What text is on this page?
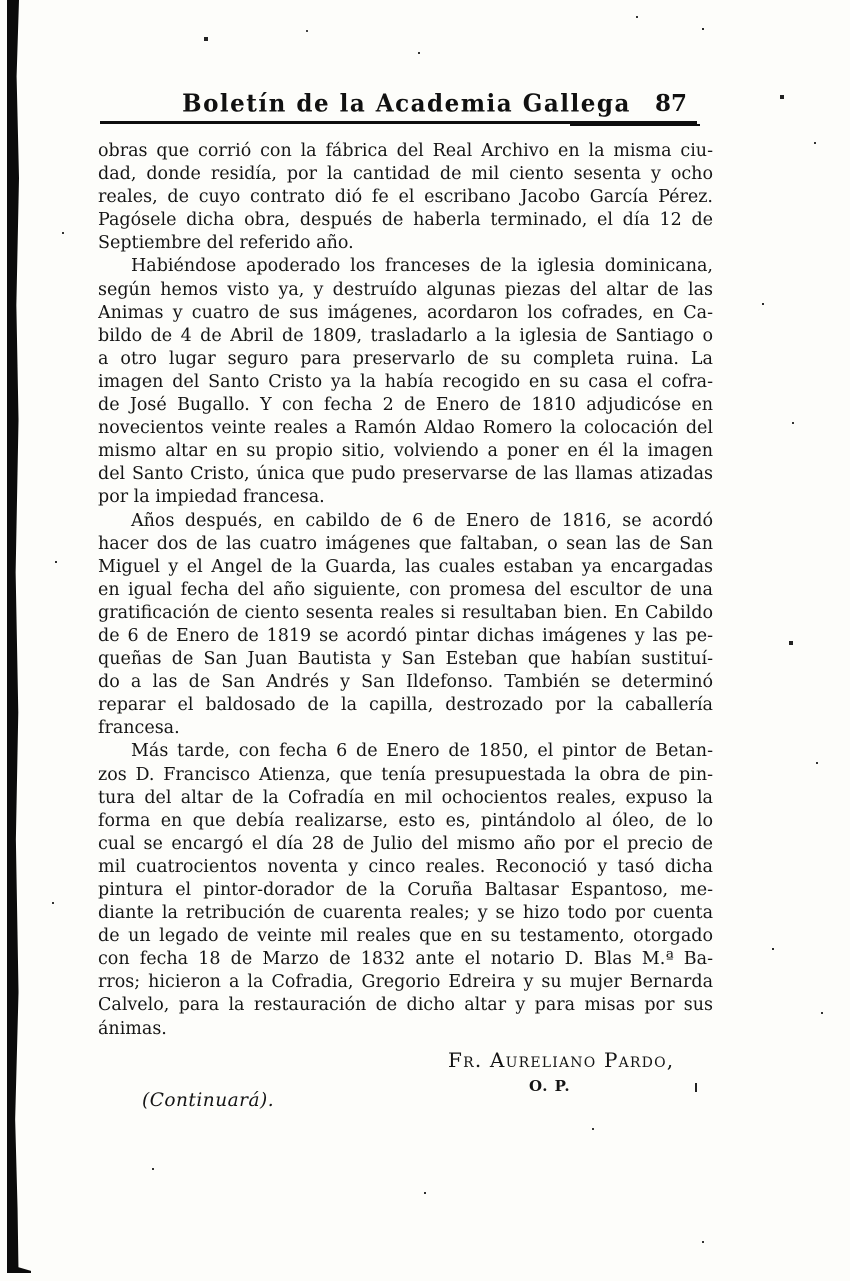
Boletín de la Academia Gallega	87
obras que corrió con la fábrica del Real Archivo en la misma ciu-
dad, donde residía, por la cantidad de mil ciento sesenta y ocho
reales, de cuyo contrato dió fe el escribano Jacobo García Pérez.
Pagósele dicha obra, después de haberla terminado, el día 12 de
Septiembre del referido año.
Habiéndose apoderado los franceses de la iglesia dominicana,
según hemos visto ya, y destruído algunas piezas del altar de las
Animas y cuatro de sus imágenes, acordaron los cofrades, en Ca-
bildo de 4 de Abril de 1809, trasladarlo a la iglesia de Santiago o
a otro lugar seguro para preservarlo de su completa ruina. La
imagen del Santo Cristo ya la había recogido en su casa el cofra-
de José Bugallo. Y con fecha 2 de Enero de 1810 adjudicóse en
novecientos veinte reales a Ramón Aldao Romero la colocación del
mismo altar en su propio sitio, volviendo a poner en él la imagen
del Santo Cristo, única que pudo preservarse de las llamas atizadas
por la impiedad francesa.
Años después, en cabildo de 6 de Enero de 1816, se acordó
hacer dos de las cuatro imágenes que faltaban, o sean las de San
Miguel y el Angel de la Guarda, las cuales estaban ya encargadas
en igual fecha del año siguiente, con promesa del escultor de una
gratificación de ciento sesenta reales si resultaban bien. En Cabildo
de 6 de Enero de 1819 se acordó pintar dichas imágenes y las pe-
queñas de San Juan Bautista y San Esteban que habían sustituí-
do a las de San Andrés y San Ildefonso. También se determinó
reparar el baldosado de la capilla, destrozado por la caballería
francesa.
Más tarde, con fecha 6 de Enero de 1850, el pintor de Betan-
zos D. Francisco Atienza, que tenía presupuestada la obra de pin-
tura del altar de la Cofradía en mil ochocientos reales, expuso la
forma en que debía realizarse, esto es, pintándolo al óleo, de lo
cual se encargó el día 28 de Julio del mismo año por el precio de
mil cuatrocientos noventa y cinco reales. Reconoció y tasó dicha
pintura el pintor-dorador de la Coruña Baltasar Espantoso, me-
diante la retribución de cuarenta reales; y se hizo todo por cuenta
de un legado de veinte mil reales que en su testamento, otorgado
con fecha 18 de Marzo de 1832 ante el notario D. Blas M.ª Ba-
rros; hicieron a la Cofradia, Gregorio Edreira y su mujer Bernarda
Calvelo, para la restauración de dicho altar y para misas por sus
ánimas.
Fr. Aureliano Pardo,
O. P.
(Continuará).
